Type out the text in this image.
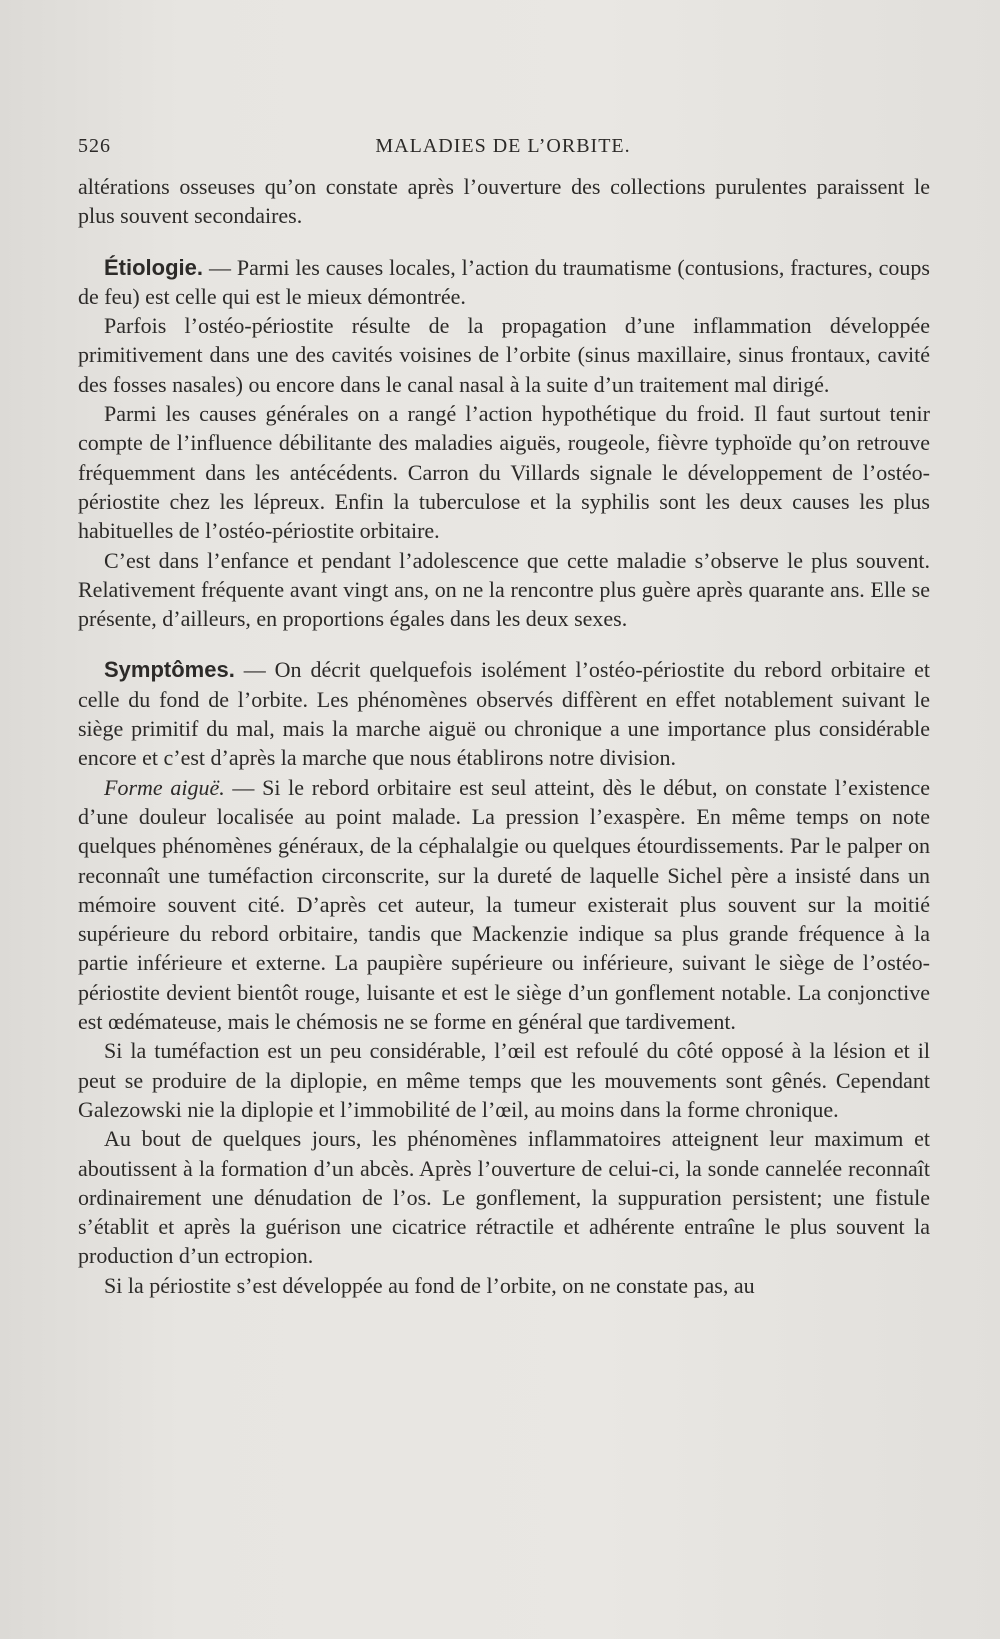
526	MALADIES DE L’ORBITE.

altérations osseuses qu’on constate après l’ouverture des collections purulentes paraissent le plus souvent secondaires.

Étiologie. — Parmi les causes locales, l’action du traumatisme (contusions, fractures, coups de feu) est celle qui est le mieux démontrée.

Parfois l’ostéo-périostite résulte de la propagation d’une inflammation développée primitivement dans une des cavités voisines de l’orbite (sinus maxillaire, sinus frontaux, cavité des fosses nasales) ou encore dans le canal nasal à la suite d’un traitement mal dirigé.

Parmi les causes générales on a rangé l’action hypothétique du froid. Il faut surtout tenir compte de l’influence débilitante des maladies aiguës, rougeole, fièvre typhoïde qu’on retrouve fréquemment dans les antécédents. Carron du Villards signale le développement de l’ostéo-périostite chez les lépreux. Enfin la tuberculose et la syphilis sont les deux causes les plus habituelles de l’ostéo-périostite orbitaire.

C’est dans l’enfance et pendant l’adolescence que cette maladie s’observe le plus souvent. Relativement fréquente avant vingt ans, on ne la rencontre plus guère après quarante ans. Elle se présente, d’ailleurs, en proportions égales dans les deux sexes.

Symptômes. — On décrit quelquefois isolément l’ostéo-périostite du rebord orbitaire et celle du fond de l’orbite. Les phénomènes observés diffèrent en effet notablement suivant le siège primitif du mal, mais la marche aiguë ou chronique a une importance plus considérable encore et c’est d’après la marche que nous établirons notre division.

Forme aiguë. — Si le rebord orbitaire est seul atteint, dès le début, on constate l’existence d’une douleur localisée au point malade. La pression l’exaspère. En même temps on note quelques phénomènes généraux, de la céphalalgie ou quelques étourdissements. Par le palper on reconnaît une tuméfaction circonscrite, sur la dureté de laquelle Sichel père a insisté dans un mémoire souvent cité. D’après cet auteur, la tumeur existerait plus souvent sur la moitié supérieure du rebord orbitaire, tandis que Mackenzie indique sa plus grande fréquence à la partie inférieure et externe. La paupière supérieure ou inférieure, suivant le siège de l’ostéo-périostite devient bientôt rouge, luisante et est le siège d’un gonflement notable. La conjonctive est œdémateuse, mais le chémosis ne se forme en général que tardivement.

Si la tuméfaction est un peu considérable, l’œil est refoulé du côté opposé à la lésion et il peut se produire de la diplopie, en même temps que les mouvements sont gênés. Cependant Galezowski nie la diplopie et l’immobilité de l’œil, au moins dans la forme chronique.

Au bout de quelques jours, les phénomènes inflammatoires atteignent leur maximum et aboutissent à la formation d’un abcès. Après l’ouverture de celui-ci, la sonde cannelée reconnaît ordinairement une dénudation de l’os. Le gonflement, la suppuration persistent; une fistule s’établit et après la guérison une cicatrice rétractile et adhérente entraîne le plus souvent la production d’un ectropion.

Si la périostite s’est développée au fond de l’orbite, on ne constate pas, au
